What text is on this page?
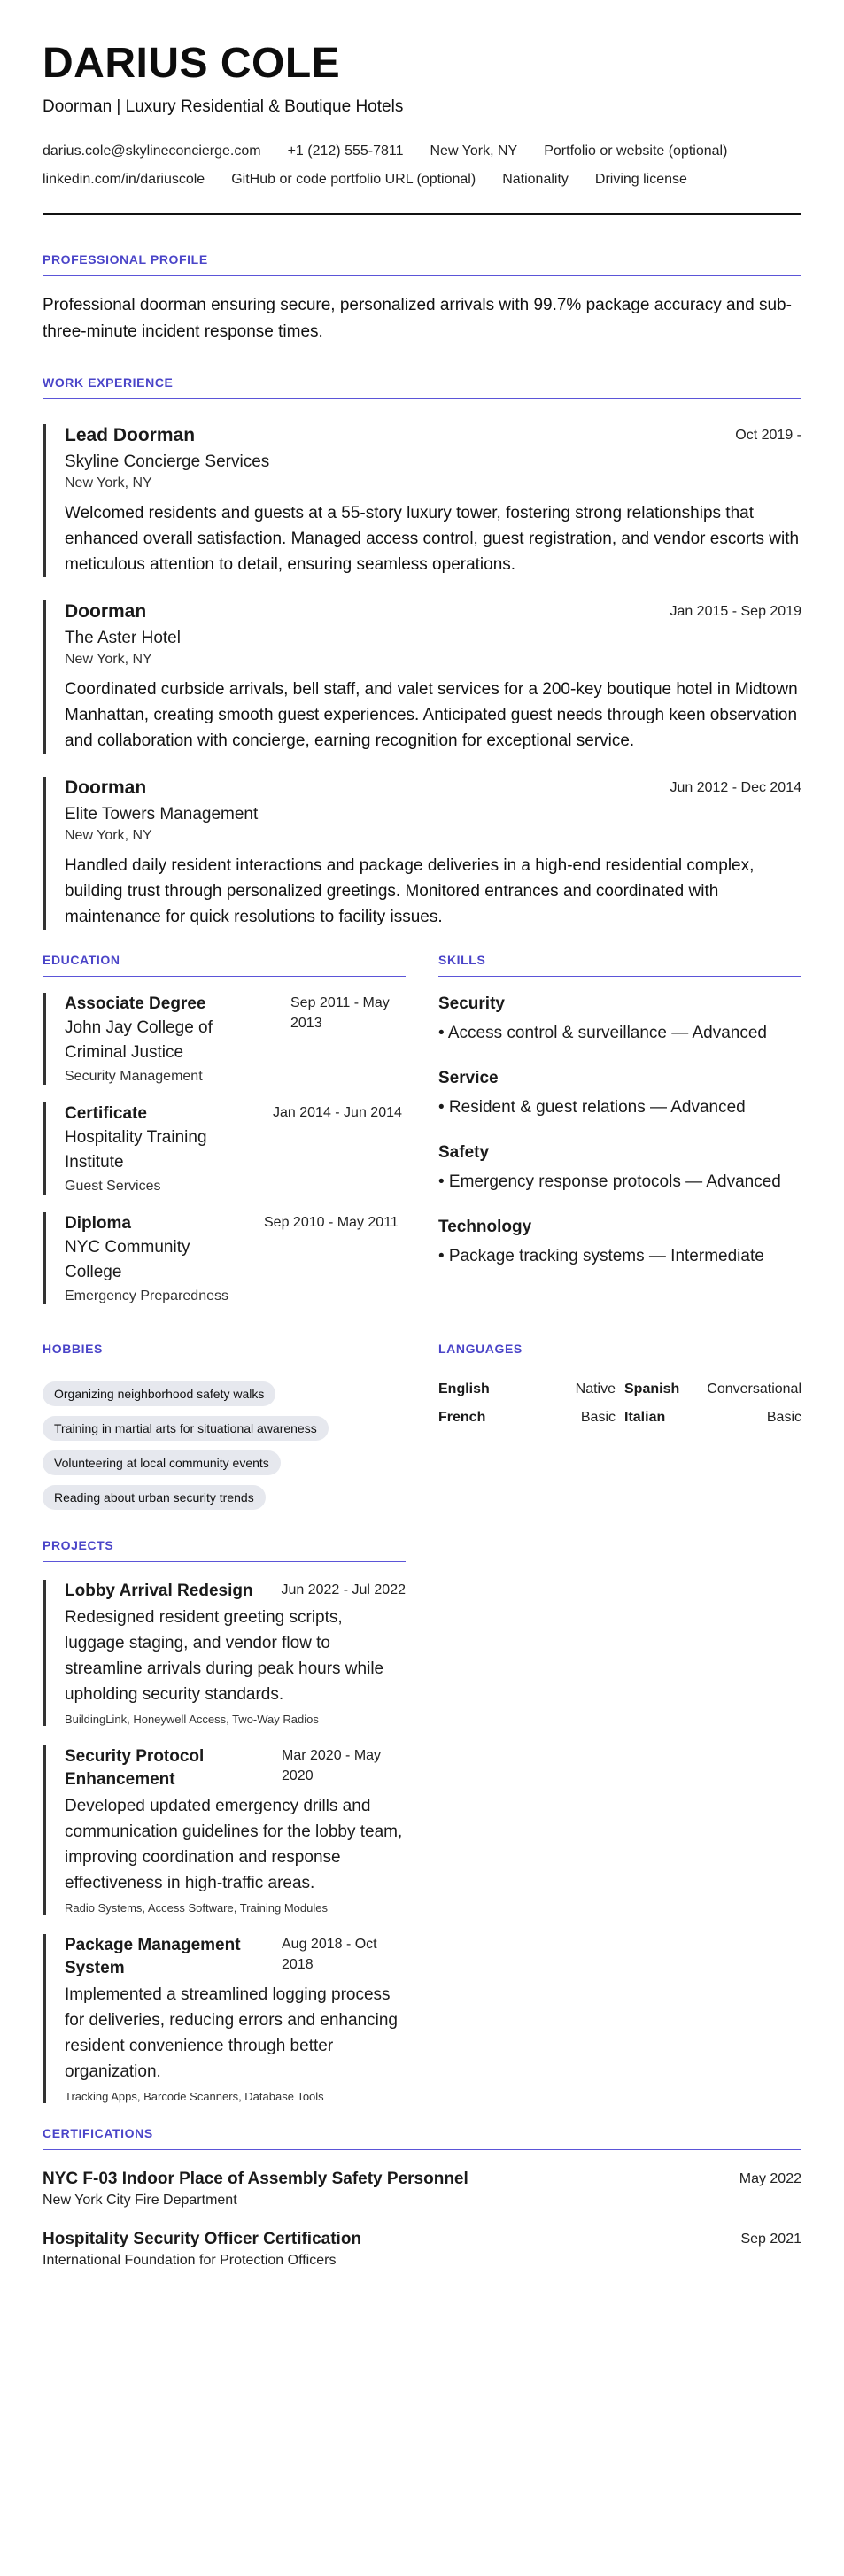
DARIUS COLE
Doorman | Luxury Residential & Boutique Hotels
darius.cole@skylineconcierge.com +1 (212) 555-7811 New York, NY Portfolio or website (optional)
linkedin.com/in/dariuscole GitHub or code portfolio URL (optional) Nationality Driving license
PROFESSIONAL PROFILE
Professional doorman ensuring secure, personalized arrivals with 99.7% package accuracy and sub-three-minute incident response times.
WORK EXPERIENCE
Lead Doorman	Oct 2019 -
Skyline Concierge Services
New York, NY
Welcomed residents and guests at a 55-story luxury tower, fostering strong relationships that enhanced overall satisfaction. Managed access control, guest registration, and vendor escorts with meticulous attention to detail, ensuring seamless operations.
Doorman	Jan 2015 - Sep 2019
The Aster Hotel
New York, NY
Coordinated curbside arrivals, bell staff, and valet services for a 200-key boutique hotel in Midtown Manhattan, creating smooth guest experiences. Anticipated guest needs through keen observation and collaboration with concierge, earning recognition for exceptional service.
Doorman	Jun 2012 - Dec 2014
Elite Towers Management
New York, NY
Handled daily resident interactions and package deliveries in a high-end residential complex, building trust through personalized greetings. Monitored entrances and coordinated with maintenance for quick resolutions to facility issues.
EDUCATION
Associate Degree
John Jay College of Criminal Justice
Security Management
Sep 2011 - May 2013
Certificate
Hospitality Training Institute
Guest Services
Jan 2014 - Jun 2014
Diploma
NYC Community College
Emergency Preparedness
Sep 2010 - May 2011
SKILLS
Security
• Access control & surveillance — Advanced
Service
• Resident & guest relations — Advanced
Safety
• Emergency response protocols — Advanced
Technology
• Package tracking systems — Intermediate
HOBBIES
Organizing neighborhood safety walks
Training in martial arts for situational awareness
Volunteering at local community events
Reading about urban security trends
LANGUAGES
English	Native Spanish Conversational
French	Basic Italian	Basic
PROJECTS
Lobby Arrival Redesign Jun 2022 - Jul 2022
Redesigned resident greeting scripts, luggage staging, and vendor flow to streamline arrivals during peak hours while upholding security standards.
BuildingLink, Honeywell Access, Two-Way Radios
Security Protocol Enhancement
Mar 2020 - May 2020
Developed updated emergency drills and communication guidelines for the lobby team, improving coordination and response effectiveness in high-traffic areas.
Radio Systems, Access Software, Training Modules
Package Management System
Aug 2018 - Oct 2018
Implemented a streamlined logging process for deliveries, reducing errors and enhancing resident convenience through better organization.
Tracking Apps, Barcode Scanners, Database Tools
CERTIFICATIONS
NYC F-03 Indoor Place of Assembly Safety Personnel	May 2022
New York City Fire Department
Hospitality Security Officer Certification	Sep 2021
International Foundation for Protection Officers
